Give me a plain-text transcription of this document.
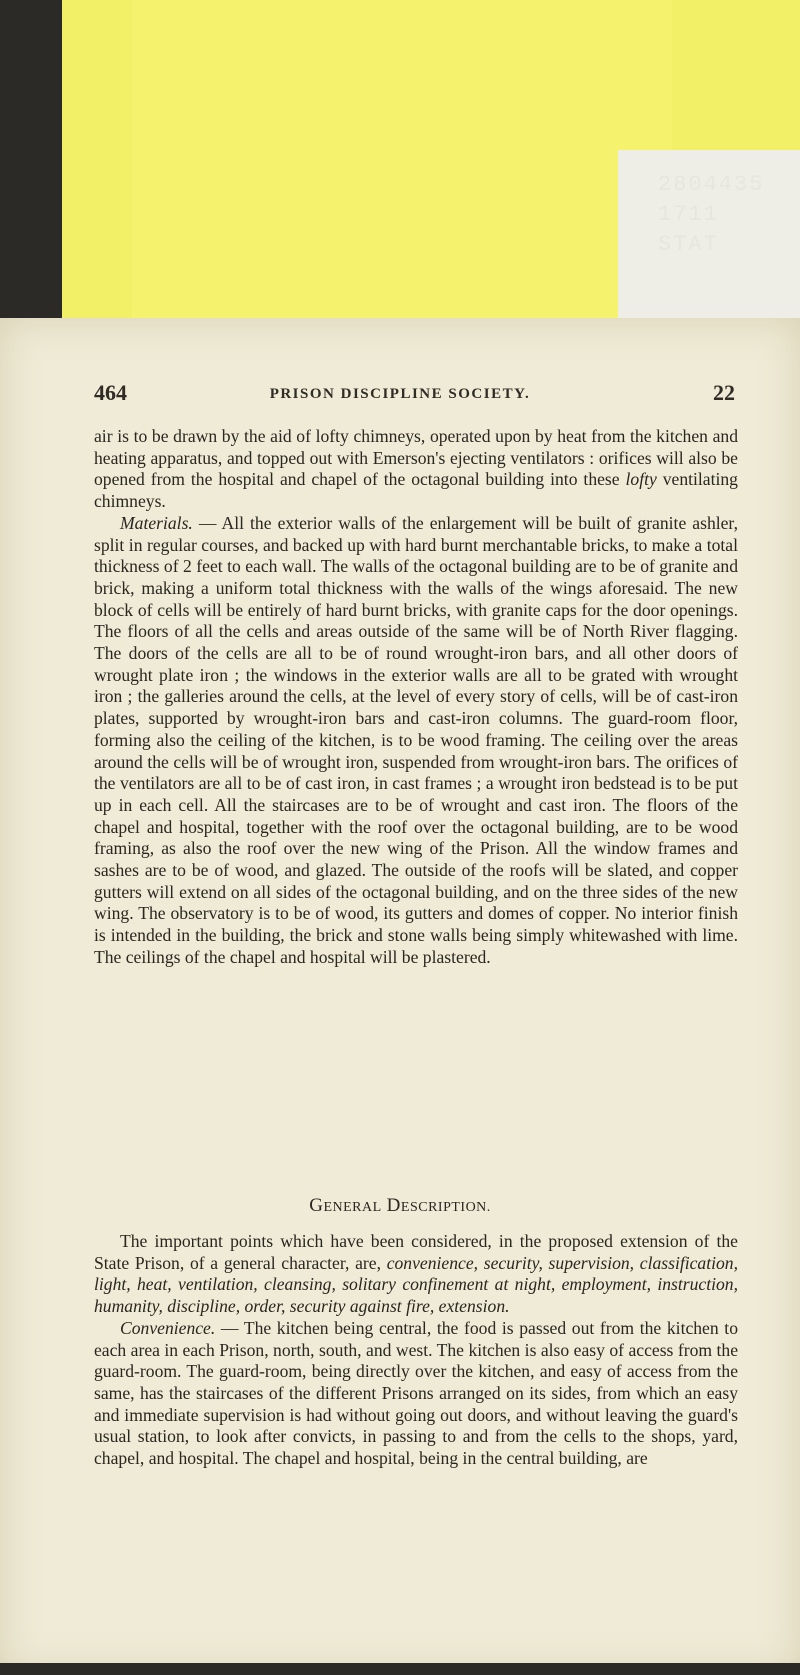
2804435
1711
STAT
464	PRISON DISCIPLINE SOCIETY.	22

air is to be drawn by the aid of lofty chimneys, operated upon by heat from the kitchen and heating apparatus, and topped out with Emerson's ejecting ventilators : orifices will also be opened from the hospital and chapel of the octagonal building into these lofty ventilating chimneys.

Materials. — All the exterior walls of the enlargement will be built of granite ashler, split in regular courses, and backed up with hard burnt merchantable bricks, to make a total thickness of 2 feet to each wall. The walls of the octagonal building are to be of granite and brick, making a uniform total thickness with the walls of the wings aforesaid. The new block of cells will be entirely of hard burnt bricks, with granite caps for the door openings. The floors of all the cells and areas outside of the same will be of North River flagging. The doors of the cells are all to be of round wrought-iron bars, and all other doors of wrought plate iron ; the windows in the exterior walls are all to be grated with wrought iron ; the galleries around the cells, at the level of every story of cells, will be of cast-iron plates, supported by wrought-iron bars and cast-iron columns. The guard-room floor, forming also the ceiling of the kitchen, is to be wood framing. The ceiling over the areas around the cells will be of wrought iron, suspended from wrought-iron bars. The orifices of the ventilators are all to be of cast iron, in cast frames ; a wrought iron bedstead is to be put up in each cell. All the staircases are to be of wrought and cast iron. The floors of the chapel and hospital, together with the roof over the octagonal building, are to be wood framing, as also the roof over the new wing of the Prison. All the window frames and sashes are to be of wood, and glazed. The outside of the roofs will be slated, and copper gutters will extend on all sides of the octagonal building, and on the three sides of the new wing. The observatory is to be of wood, its gutters and domes of copper. No interior finish is intended in the building, the brick and stone walls being simply whitewashed with lime. The ceilings of the chapel and hospital will be plastered.

GENERAL DESCRIPTION.

The important points which have been considered, in the proposed extension of the State Prison, of a general character, are, convenience, security, supervision, classification, light, heat, ventilation, cleansing, solitary confinement at night, employment, instruction, humanity, discipline, order, security against fire, extension.

Convenience. — The kitchen being central, the food is passed out from the kitchen to each area in each Prison, north, south, and west. The kitchen is also easy of access from the guard-room. The guard-room, being directly over the kitchen, and easy of access from the same, has the staircases of the different Prisons arranged on its sides, from which an easy and immediate supervision is had without going out doors, and without leaving the guard's usual station, to look after convicts, in passing to and from the cells to the shops, yard, chapel, and hospital. The chapel and hospital, being in the central building, are
